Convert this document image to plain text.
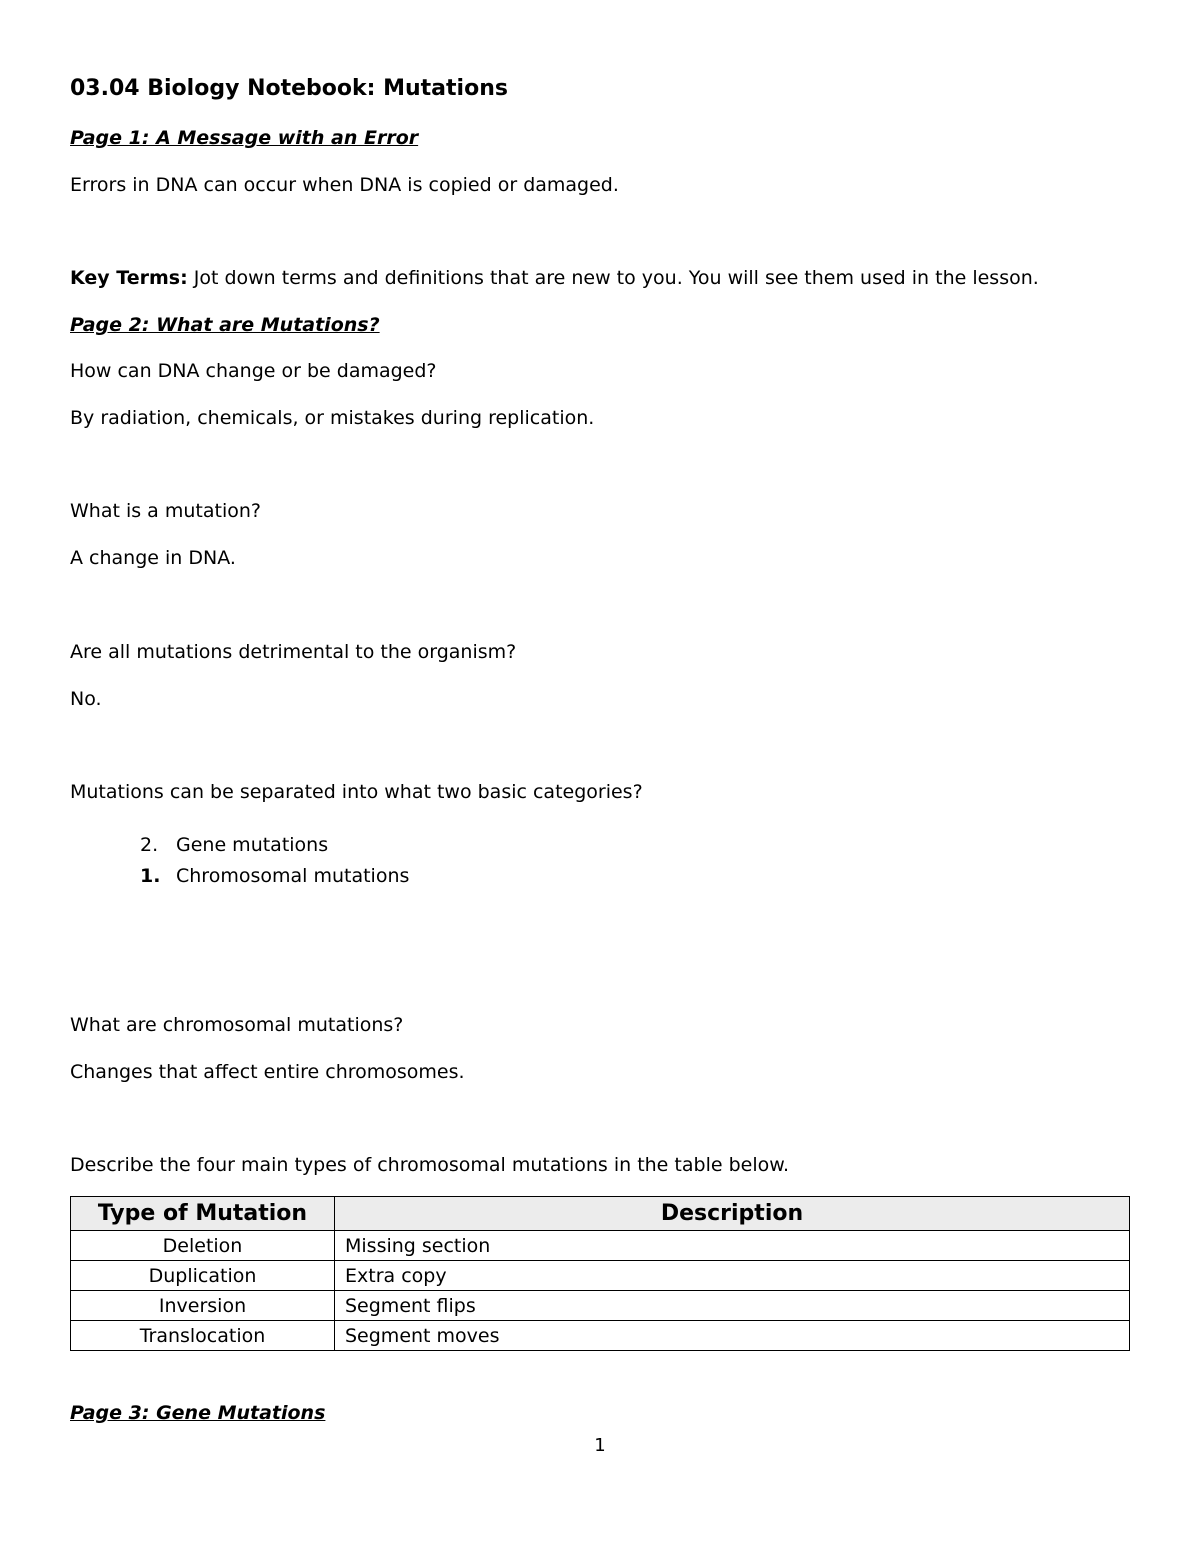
03.04 Biology Notebook: Mutations
Page 1: A Message with an Error
Errors in DNA can occur when DNA is copied or damaged.
Key Terms: Jot down terms and definitions that are new to you. You will see them used in the lesson.
Page 2: What are Mutations?
How can DNA change or be damaged?
By radiation, chemicals, or mistakes during replication.
What is a mutation?
A change in DNA.
Are all mutations detrimental to the organism?
No.
Mutations can be separated into what two basic categories?
2. Gene mutations
1. Chromosomal mutations
What are chromosomal mutations?
Changes that affect entire chromosomes.
Describe the four main types of chromosomal mutations in the table below.
Type of Mutation	Description
Deletion	Missing section
Duplication	Extra copy
Inversion	Segment flips
Translocation	Segment moves
Page 3: Gene Mutations
1
